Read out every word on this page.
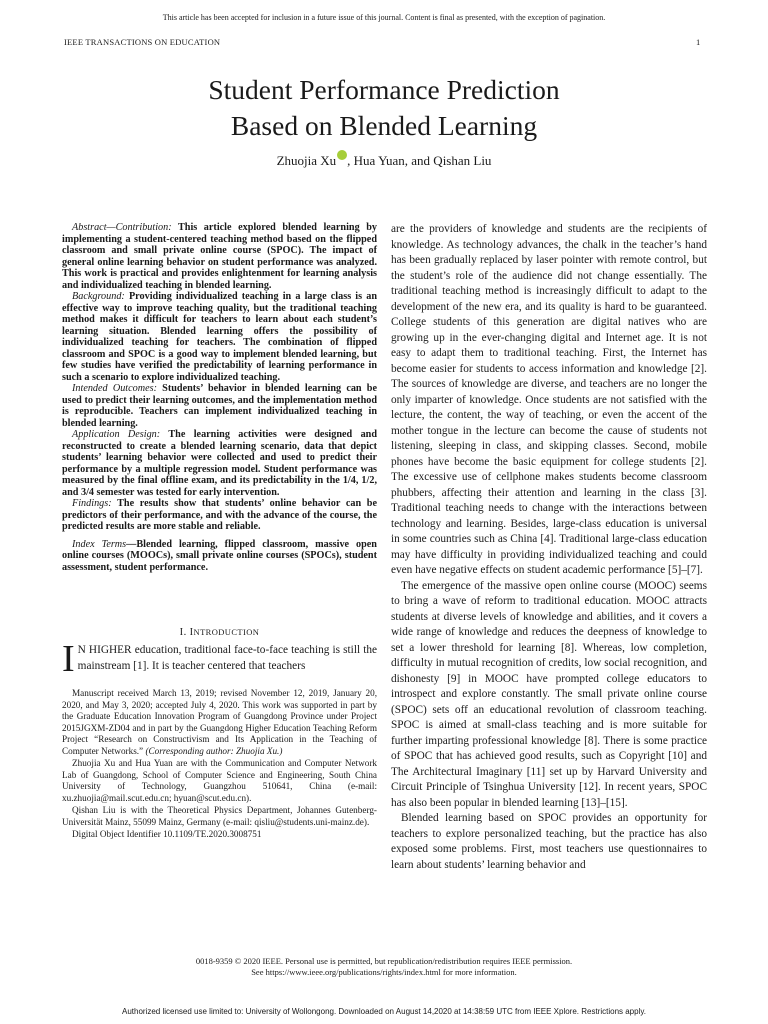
This article has been accepted for inclusion in a future issue of this journal. Content is final as presented, with the exception of pagination.
IEEE TRANSACTIONS ON EDUCATION	1
Student Performance Prediction
Based on Blended Learning
Zhuojia Xu , Hua Yuan, and Qishan Liu

Abstract—Contribution: This article explored blended learning by implementing a student-centered teaching method based on the flipped classroom and small private online course (SPOC). The impact of general online learning behavior on student performance was analyzed. This work is practical and provides enlightenment for learning analysis and individualized teaching in blended learning.

Background: Providing individualized teaching in a large class is an effective way to improve teaching quality, but the traditional teaching method makes it difficult for teachers to learn about each student’s learning situation. Blended learning offers the possibility of individualized teaching for teachers. The combination of flipped classroom and SPOC is a good way to implement blended learning, but few studies have verified the predictability of learning performance in such a scenario to explore individualized teaching.

Intended Outcomes: Students’ behavior in blended learning can be used to predict their learning outcomes, and the implementation method is reproducible. Teachers can implement individualized teaching in blended learning.

Application Design: The learning activities were designed and reconstructed to create a blended learning scenario, data that depict students’ learning behavior were collected and used to predict their performance by a multiple regression model. Student performance was measured by the final offline exam, and its predictability in the 1/4, 1/2, and 3/4 semester was tested for early intervention.

Findings: The results show that students’ online behavior can be predictors of their performance, and with the advance of the course, the predicted results are more stable and reliable.

Index Terms—Blended learning, flipped classroom, massive open online courses (MOOCs), small private online courses (SPOCs), student assessment, student performance.

I. INTRODUCTION

I N HIGHER education, traditional face-to-face teaching is still the mainstream [1]. It is teacher centered that teachers

Manuscript received March 13, 2019; revised November 12, 2019, January 20, 2020, and May 3, 2020; accepted July 4, 2020. This work was supported in part by the Graduate Education Innovation Program of Guangdong Province under Project 2015JGXM-ZD04 and in part by the Guangdong Higher Education Teaching Reform Project “Research on Constructivism and Its Application in the Teaching of Computer Networks.” (Corresponding author: Zhuojia Xu.)

Zhuojia Xu and Hua Yuan are with the Communication and Computer Network Lab of Guangdong, School of Computer Science and Engineering, South China University of Technology, Guangzhou 510641, China (e-mail: xu.zhuojia@mail.scut.edu.cn; hyuan@scut.edu.cn).

Qishan Liu is with the Theoretical Physics Department, Johannes Gutenberg-Universität Mainz, 55099 Mainz, Germany (e-mail: qisliu@students.uni-mainz.de).

Digital Object Identifier 10.1109/TE.2020.3008751

are the providers of knowledge and students are the recipients of knowledge. As technology advances, the chalk in the teacher’s hand has been gradually replaced by laser pointer with remote control, but the student’s role of the audience did not change essentially. The traditional teaching method is increasingly difficult to adapt to the development of the new era, and its quality is hard to be guaranteed. College students of this generation are digital natives who are growing up in the ever-changing digital and Internet age. It is not easy to adapt them to traditional teaching. First, the Internet has become easier for students to access information and knowledge [2]. The sources of knowledge are diverse, and teachers are no longer the only imparter of knowledge. Once students are not satisfied with the lecture, the content, the way of teaching, or even the accent of the mother tongue in the lecture can become the cause of students not listening, sleeping in class, and skipping classes. Second, mobile phones have become the basic equipment for college students [2]. The excessive use of cellphone makes students become classroom phubbers, affecting their attention and learning in the class [3]. Traditional teaching needs to change with the interactions between technology and learning. Besides, large-class education is universal in some countries such as China [4]. Traditional large-class education may have difficulty in providing individualized teaching and could even have negative effects on student academic performance [5]–[7].

The emergence of the massive open online course (MOOC) seems to bring a wave of reform to traditional education. MOOC attracts students at diverse levels of knowledge and abilities, and it covers a wide range of knowledge and reduces the deepness of knowledge to set a lower threshold for learning [8]. Whereas, low completion, difficulty in mutual recognition of credits, low social recognition, and dishonesty [9] in MOOC have prompted college educators to introspect and explore constantly. The small private online course (SPOC) sets off an educational revolution of classroom teaching. SPOC is aimed at small-class teaching and is more suitable for further imparting professional knowledge [8]. There is some practice of SPOC that has achieved good results, such as Copyright [10] and The Architectural Imaginary [11] set up by Harvard University and Circuit Principle of Tsinghua University [12]. In recent years, SPOC has also been popular in blended learning [13]–[15].

Blended learning based on SPOC provides an opportunity for teachers to explore personalized teaching, but the practice has also exposed some problems. First, most teachers use questionnaires to learn about students’ learning behavior and

0018-9359 © 2020 IEEE. Personal use is permitted, but republication/redistribution requires IEEE permission.
See https://www.ieee.org/publications/rights/index.html for more information.
Authorized licensed use limited to: University of Wollongong. Downloaded on August 14,2020 at 14:38:59 UTC from IEEE Xplore. Restrictions apply.
